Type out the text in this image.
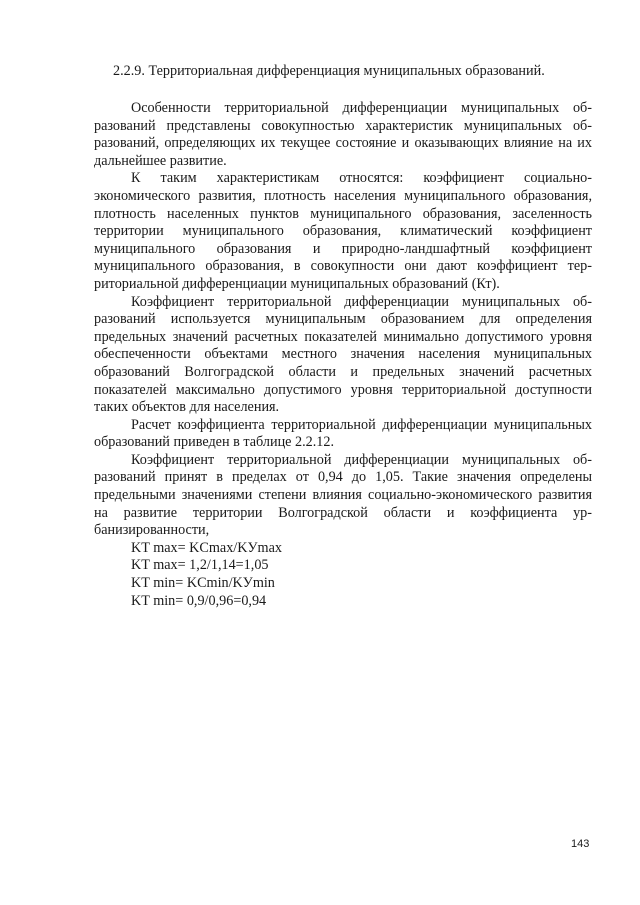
2.2.9. Территориальная дифференциация муниципальных образований.

Особенности территориальной дифференциации муниципальных образований представлены совокупностью характеристик муниципальных образований, определяющих их текущее состояние и оказывающих влияние на их дальнейшее развитие.

К таким характеристикам относятся: коэффициент социально-экономического развития, плотность населения муниципального образования, плотность населенных пунктов муниципального образования, заселенность территории муниципального образования, климатический коэффициент муниципального образования и природно-ландшафтный коэффициент муниципального образования, в совокупности они дают коэффициент территориальной дифференциации муниципальных образований (Кт).

Коэффициент территориальной дифференциации муниципальных образований используется муниципальным образованием для определения предельных значений расчетных показателей минимально допустимого уровня обеспеченности объектами местного значения населения муниципальных образований Волгоградской области и предельных значений расчетных показателей максимально допустимого уровня территориальной доступности таких объектов для населения.

Расчет коэффициента территориальной дифференциации муниципальных образований приведен в таблице 2.2.12.

Коэффициент территориальной дифференциации муниципальных образований принят в пределах от 0,94 до 1,05. Такие значения определены предельными значениями степени влияния социально-экономического развития на развитие территории Волгоградской области и коэффициента урбанизированности,

KT max= KCmax/KУmax
KT max= 1,2/1,14=1,05
KT min= KCmin/KУmin
KT min= 0,9/0,96=0,94
143
